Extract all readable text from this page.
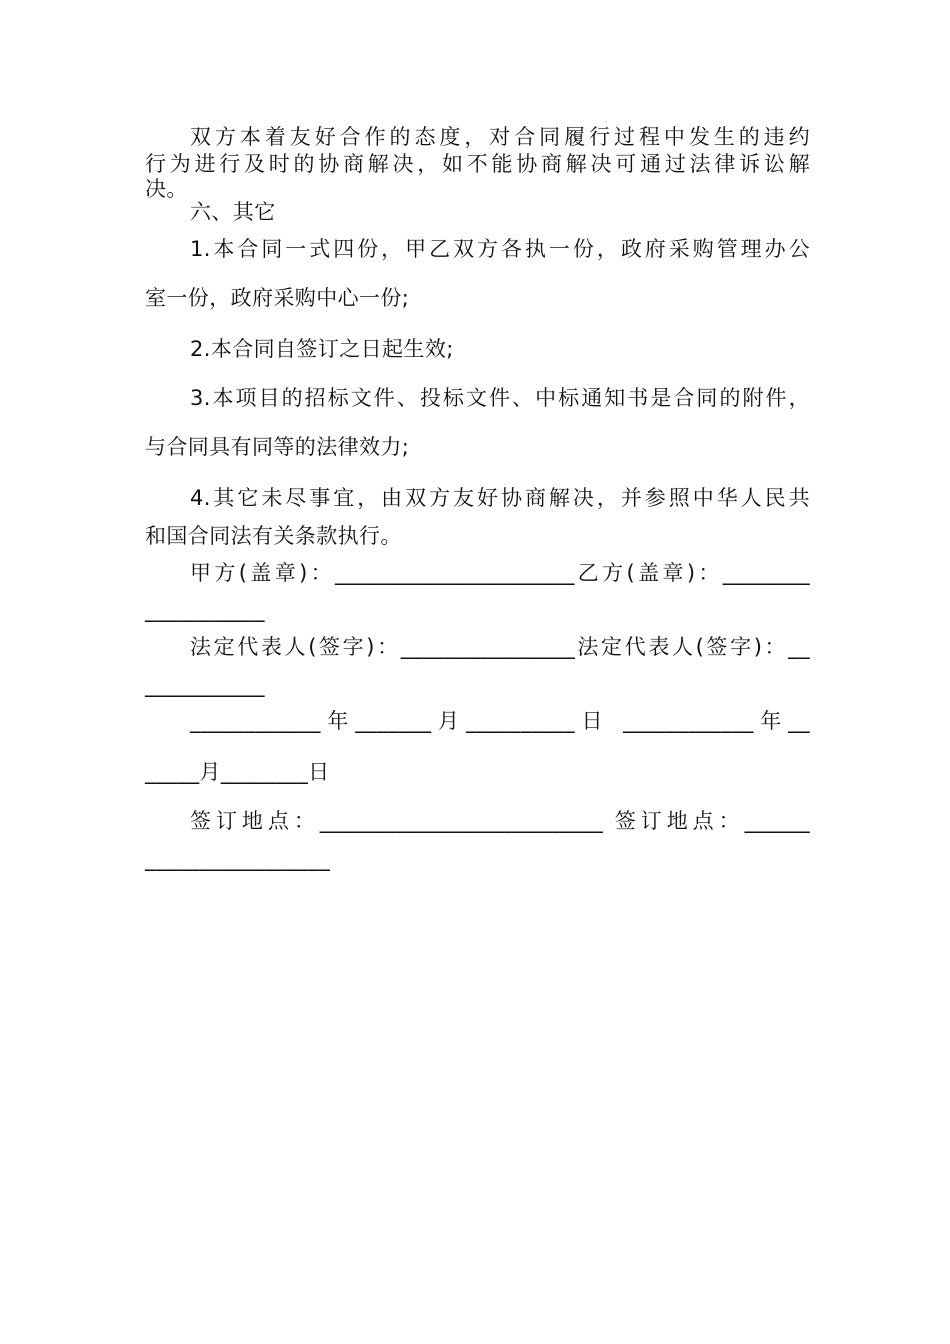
双方本着友好合作的态度，对合同履行过程中发生的违约
行为进行及时的协商解决，如不能协商解决可通过法律诉讼解
决。
六、其它
1.本合同一式四份，甲乙双方各执一份，政府采购管理办公
室一份，政府采购中心一份;
2.本合同自签订之日起生效;
3.本项目的招标文件、投标文件、中标通知书是合同的附件，
与合同具有同等的法律效力;
4.其它未尽事宜，由双方友好协商解决，并参照中华人民共
和国合同法有关条款执行。
甲方(盖章)：______________________乙方(盖章)：________
___________
法定代表人(签字)：________________法定代表人(签字)：__
___________
____________年_______月__________日 ____________年__
_____月________日
签订地点：__________________________ 签订地点：______
_________________
